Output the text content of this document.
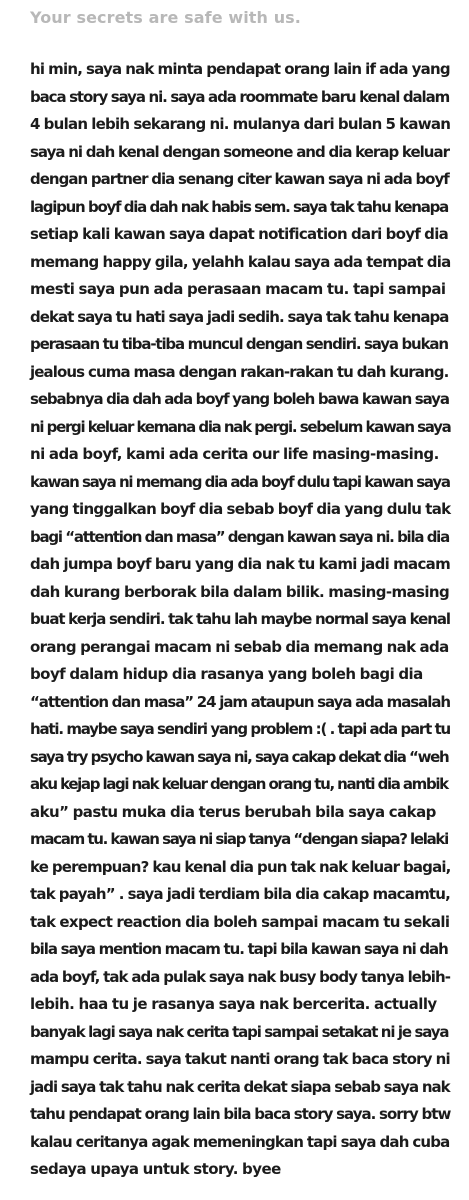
Your secrets are safe with us.
hi min, saya nak minta pendapat orang lain if ada yang
baca story saya ni. saya ada roommate baru kenal dalam
4 bulan lebih sekarang ni. mulanya dari bulan 5 kawan
saya ni dah kenal dengan someone and dia kerap keluar
dengan partner dia senang citer kawan saya ni ada boyf
lagipun boyf dia dah nak habis sem. saya tak tahu kenapa
setiap kali kawan saya dapat notification dari boyf dia
memang happy gila, yelahh kalau saya ada tempat dia
mesti saya pun ada perasaan macam tu. tapi sampai
dekat saya tu hati saya jadi sedih. saya tak tahu kenapa
perasaan tu tiba-tiba muncul dengan sendiri. saya bukan
jealous cuma masa dengan rakan-rakan tu dah kurang.
sebabnya dia dah ada boyf yang boleh bawa kawan saya
ni pergi keluar kemana dia nak pergi. sebelum kawan saya
ni ada boyf, kami ada cerita our life masing-masing.
kawan saya ni memang dia ada boyf dulu tapi kawan saya
yang tinggalkan boyf dia sebab boyf dia yang dulu tak
bagi “attention dan masa” dengan kawan saya ni. bila dia
dah jumpa boyf baru yang dia nak tu kami jadi macam
dah kurang berborak bila dalam bilik. masing-masing
buat kerja sendiri. tak tahu lah maybe normal saya kenal
orang perangai macam ni sebab dia memang nak ada
boyf dalam hidup dia rasanya yang boleh bagi dia
“attention dan masa” 24 jam ataupun saya ada masalah
hati. maybe saya sendiri yang problem :( . tapi ada part tu
saya try psycho kawan saya ni, saya cakap dekat dia “weh
aku kejap lagi nak keluar dengan orang tu, nanti dia ambik
aku” pastu muka dia terus berubah bila saya cakap
macam tu. kawan saya ni siap tanya “dengan siapa? lelaki
ke perempuan? kau kenal dia pun tak nak keluar bagai,
tak payah” . saya jadi terdiam bila dia cakap macamtu,
tak expect reaction dia boleh sampai macam tu sekali
bila saya mention macam tu. tapi bila kawan saya ni dah
ada boyf, tak ada pulak saya nak busy body tanya lebih-
lebih. haa tu je rasanya saya nak bercerita. actually
banyak lagi saya nak cerita tapi sampai setakat ni je saya
mampu cerita. saya takut nanti orang tak baca story ni
jadi saya tak tahu nak cerita dekat siapa sebab saya nak
tahu pendapat orang lain bila baca story saya. sorry btw
kalau ceritanya agak memeningkan tapi saya dah cuba
sedaya upaya untuk story. byee
